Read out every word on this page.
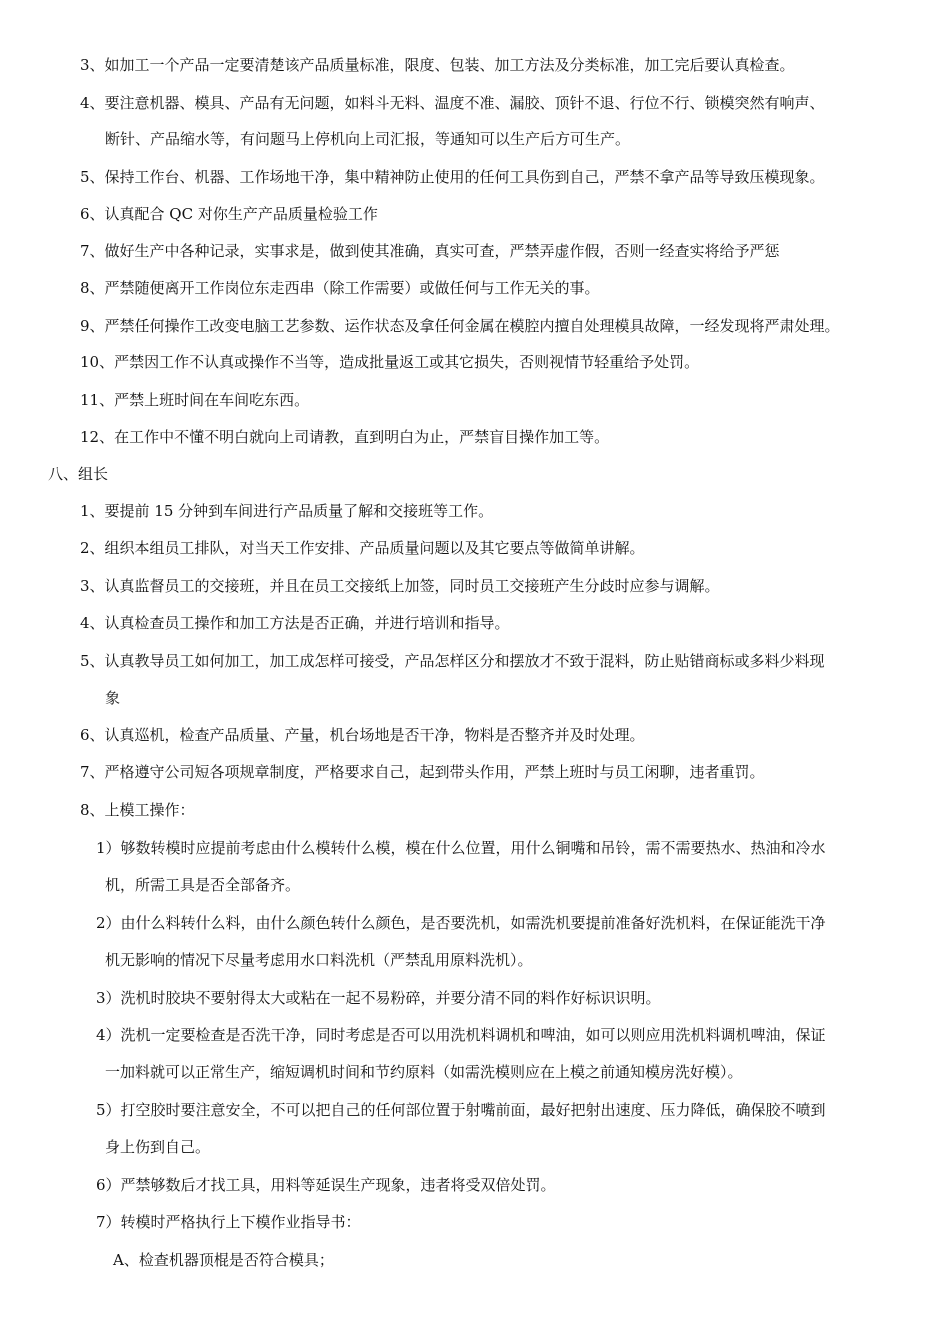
3、如加工一个产品一定要清楚该产品质量标准，限度、包装、加工方法及分类标准，加工完后要认真检查。
4、要注意机器、模具、产品有无问题，如料斗无料、温度不准、漏胶、顶针不退、行位不行、锁模突然有响声、
断针、产品缩水等，有问题马上停机向上司汇报，等通知可以生产后方可生产。
5、保持工作台、机器、工作场地干净，集中精神防止使用的任何工具伤到自己，严禁不拿产品等导致压模现象。
6、认真配合 QC 对你生产产品质量检验工作
7、做好生产中各种记录，实事求是，做到使其准确，真实可查，严禁弄虚作假，否则一经查实将给予严惩
8、严禁随便离开工作岗位东走西串（除工作需要）或做任何与工作无关的事。
9、严禁任何操作工改变电脑工艺参数、运作状态及拿任何金属在模腔内擅自处理模具故障，一经发现将严肃处理。
10、严禁因工作不认真或操作不当等，造成批量返工或其它损失，否则视情节轻重给予处罚。
11、严禁上班时间在车间吃东西。
12、在工作中不懂不明白就向上司请教，直到明白为止，严禁盲目操作加工等。
八、组长
1、要提前 15 分钟到车间进行产品质量了解和交接班等工作。
2、组织本组员工排队，对当天工作安排、产品质量问题以及其它要点等做简单讲解。
3、认真监督员工的交接班，并且在员工交接纸上加签，同时员工交接班产生分歧时应参与调解。
4、认真检查员工操作和加工方法是否正确，并进行培训和指导。
5、认真教导员工如何加工，加工成怎样可接受，产品怎样区分和摆放才不致于混料，防止贴错商标或多料少料现
象
6、认真巡机，检查产品质量、产量，机台场地是否干净，物料是否整齐并及时处理。
7、严格遵守公司短各项规章制度，严格要求自己，起到带头作用，严禁上班时与员工闲聊，违者重罚。
8、上模工操作：
1）够数转模时应提前考虑由什么模转什么模，模在什么位置，用什么铜嘴和吊铃，需不需要热水、热油和冷水
机，所需工具是否全部备齐。
2）由什么料转什么料，由什么颜色转什么颜色，是否要洗机，如需洗机要提前准备好洗机料，在保证能洗干净
机无影响的情况下尽量考虑用水口料洗机（严禁乱用原料洗机）。
3）洗机时胶块不要射得太大或粘在一起不易粉碎，并要分清不同的料作好标识识明。
4）洗机一定要检查是否洗干净，同时考虑是否可以用洗机料调机和啤油，如可以则应用洗机料调机啤油，保证
一加料就可以正常生产，缩短调机时间和节约原料（如需洗模则应在上模之前通知模房洗好模）。
5）打空胶时要注意安全，不可以把自己的任何部位置于射嘴前面，最好把射出速度、压力降低，确保胶不喷到
身上伤到自己。
6）严禁够数后才找工具，用料等延误生产现象，违者将受双倍处罚。
7）转模时严格执行上下模作业指导书：
A、检查机器顶棍是否符合模具；
